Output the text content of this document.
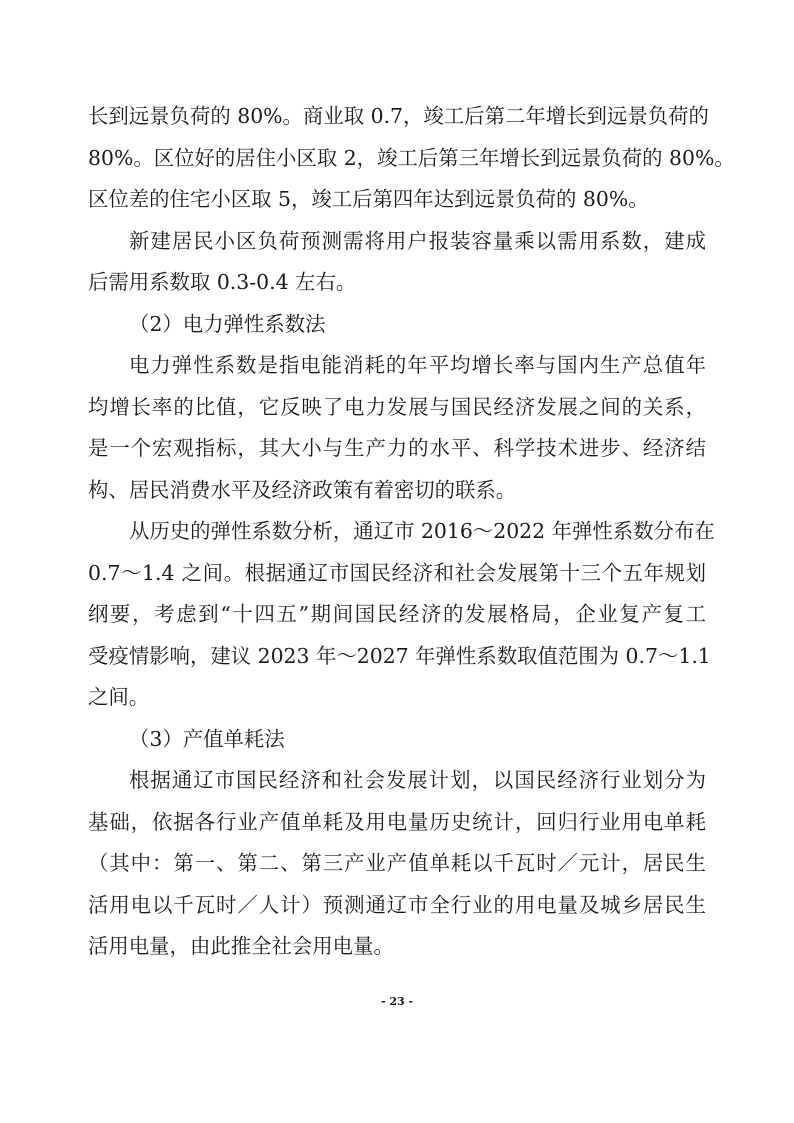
长到远景负荷的 80%。商业取 0.7，竣工后第二年增长到远景负荷的
80%。区位好的居住小区取 2，竣工后第三年增长到远景负荷的 80%。
区位差的住宅小区取 5，竣工后第四年达到远景负荷的 80%。
新建居民小区负荷预测需将用户报装容量乘以需用系数，建成
后需用系数取 0.3-0.4 左右。
（2）电力弹性系数法
电力弹性系数是指电能消耗的年平均增长率与国内生产总值年
均增长率的比值，它反映了电力发展与国民经济发展之间的关系，
是一个宏观指标，其大小与生产力的水平、科学技术进步、经济结
构、居民消费水平及经济政策有着密切的联系。
从历史的弹性系数分析，通辽市 2016～2022 年弹性系数分布在
0.7～1.4 之间。根据通辽市国民经济和社会发展第十三个五年规划
纲要，考虑到“十四五”期间国民经济的发展格局，企业复产复工
受疫情影响，建议 2023 年～2027 年弹性系数取值范围为 0.7～1.1
之间。
（3）产值单耗法
根据通辽市国民经济和社会发展计划，以国民经济行业划分为
基础，依据各行业产值单耗及用电量历史统计，回归行业用电单耗
（其中：第一、第二、第三产业产值单耗以千瓦时／元计，居民生
活用电以千瓦时／人计）预测通辽市全行业的用电量及城乡居民生
活用电量，由此推全社会用电量。
- 23 -
